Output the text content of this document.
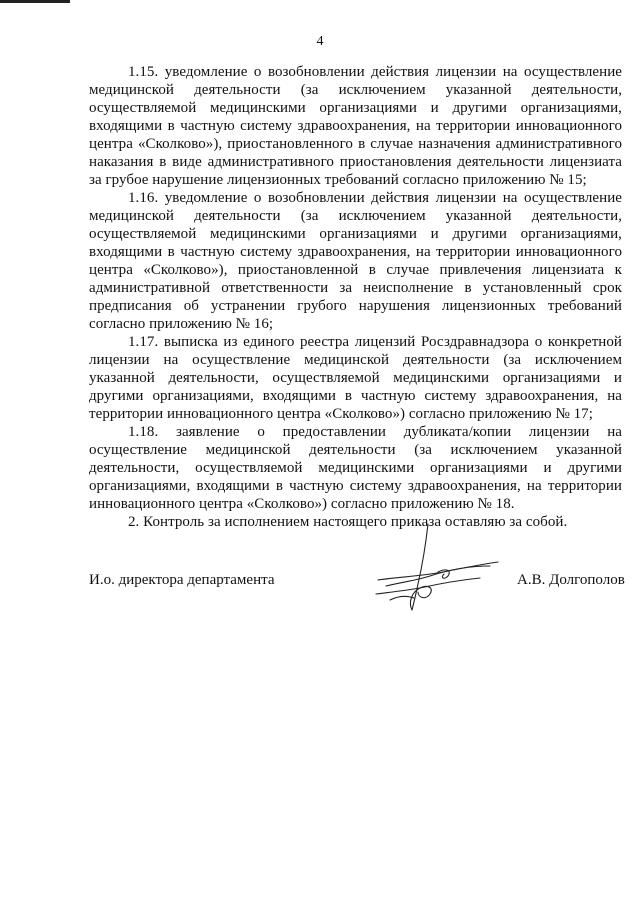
4

1.15. уведомление о возобновлении действия лицензии на осуществление медицинской деятельности (за исключением указанной деятельности, осуществляемой медицинскими организациями и другими организациями, входящими в частную систему здравоохранения, на территории инновационного центра «Сколково»), приостановленного в случае назначения административного наказания в виде административного приостановления деятельности лицензиата за грубое нарушение лицензионных требований согласно приложению № 15;

1.16. уведомление о возобновлении действия лицензии на осуществление медицинской деятельности (за исключением указанной деятельности, осуществляемой медицинскими организациями и другими организациями, входящими в частную систему здравоохранения, на территории инновационного центра «Сколково»), приостановленной в случае привлечения лицензиата к административной ответственности за неисполнение в установленный срок предписания об устранении грубого нарушения лицензионных требований согласно приложению № 16;

1.17. выписка из единого реестра лицензий Росздравнадзора о конкретной лицензии на осуществление медицинской деятельности (за исключением указанной деятельности, осуществляемой медицинскими организациями и другими организациями, входящими в частную систему здравоохранения, на территории инновационного центра «Сколково») согласно приложению № 17;

1.18. заявление о предоставлении дубликата/копии лицензии на осуществление медицинской деятельности (за исключением указанной деятельности, осуществляемой медицинскими организациями и другими организациями, входящими в частную систему здравоохранения, на территории инновационного центра «Сколково») согласно приложению № 18.

2. Контроль за исполнением настоящего приказа оставляю за собой.

И.о. директора департамента	А.В. Долгополов
